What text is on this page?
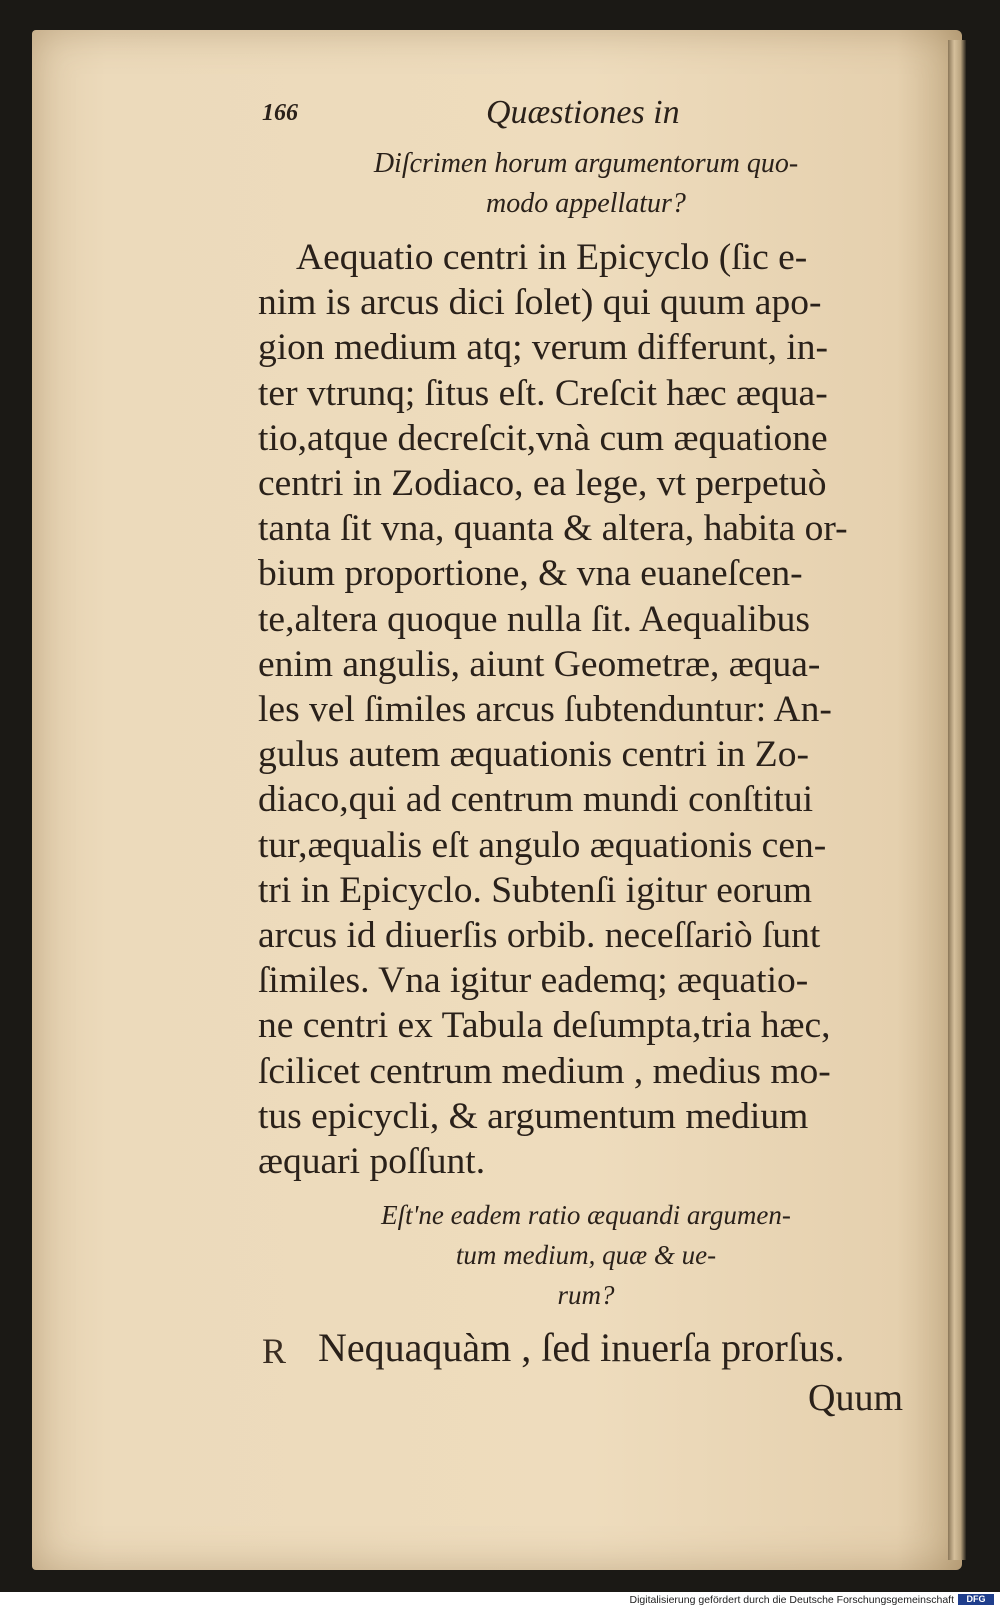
166	Quæstiones in
Diſcrimen horum argumentorum quo-
modo appellatur?
Aequatio centri in Epicyclo (ſic e-
nim is arcus dici ſolet) qui quum apo-
gion medium atq; verum differunt, in-
ter vtrunq; ſitus eſt. Creſcit hæc æqua-
tio,atque decreſcit,vnà cum æquatione
centri in Zodiaco, ea lege, vt perpetuò
tanta ſit vna, quanta & altera, habita or-
bium proportione, & vna euaneſcen-
te,altera quoque nulla ſit. Aequalibus
enim angulis, aiunt Geometræ, æqua-
les vel ſimiles arcus ſubtenduntur: An-
gulus autem æquationis centri in Zo-
diaco,qui ad centrum mundi conſtitui
tur,æqualis eſt angulo æquationis cen-
tri in Epicyclo. Subtenſi igitur eorum
arcus id diuerſis orbib. neceſſariò ſunt
ſimiles. Vna igitur eademq; æquatio-
ne centri ex Tabula deſumpta,tria hæc,
ſcilicet centrum medium , medius mo-
tus epicycli, & argumentum medium
æquari poſſunt.
Eſt'ne eadem ratio æquandi argumen-
tum medium, quæ & ue-
rum?
R Nequaquàm , ſed inuerſa prorſus.
Quum
Digitalisierung gefördert durch die Deutsche Forschungsgemeinschaft	DFG
